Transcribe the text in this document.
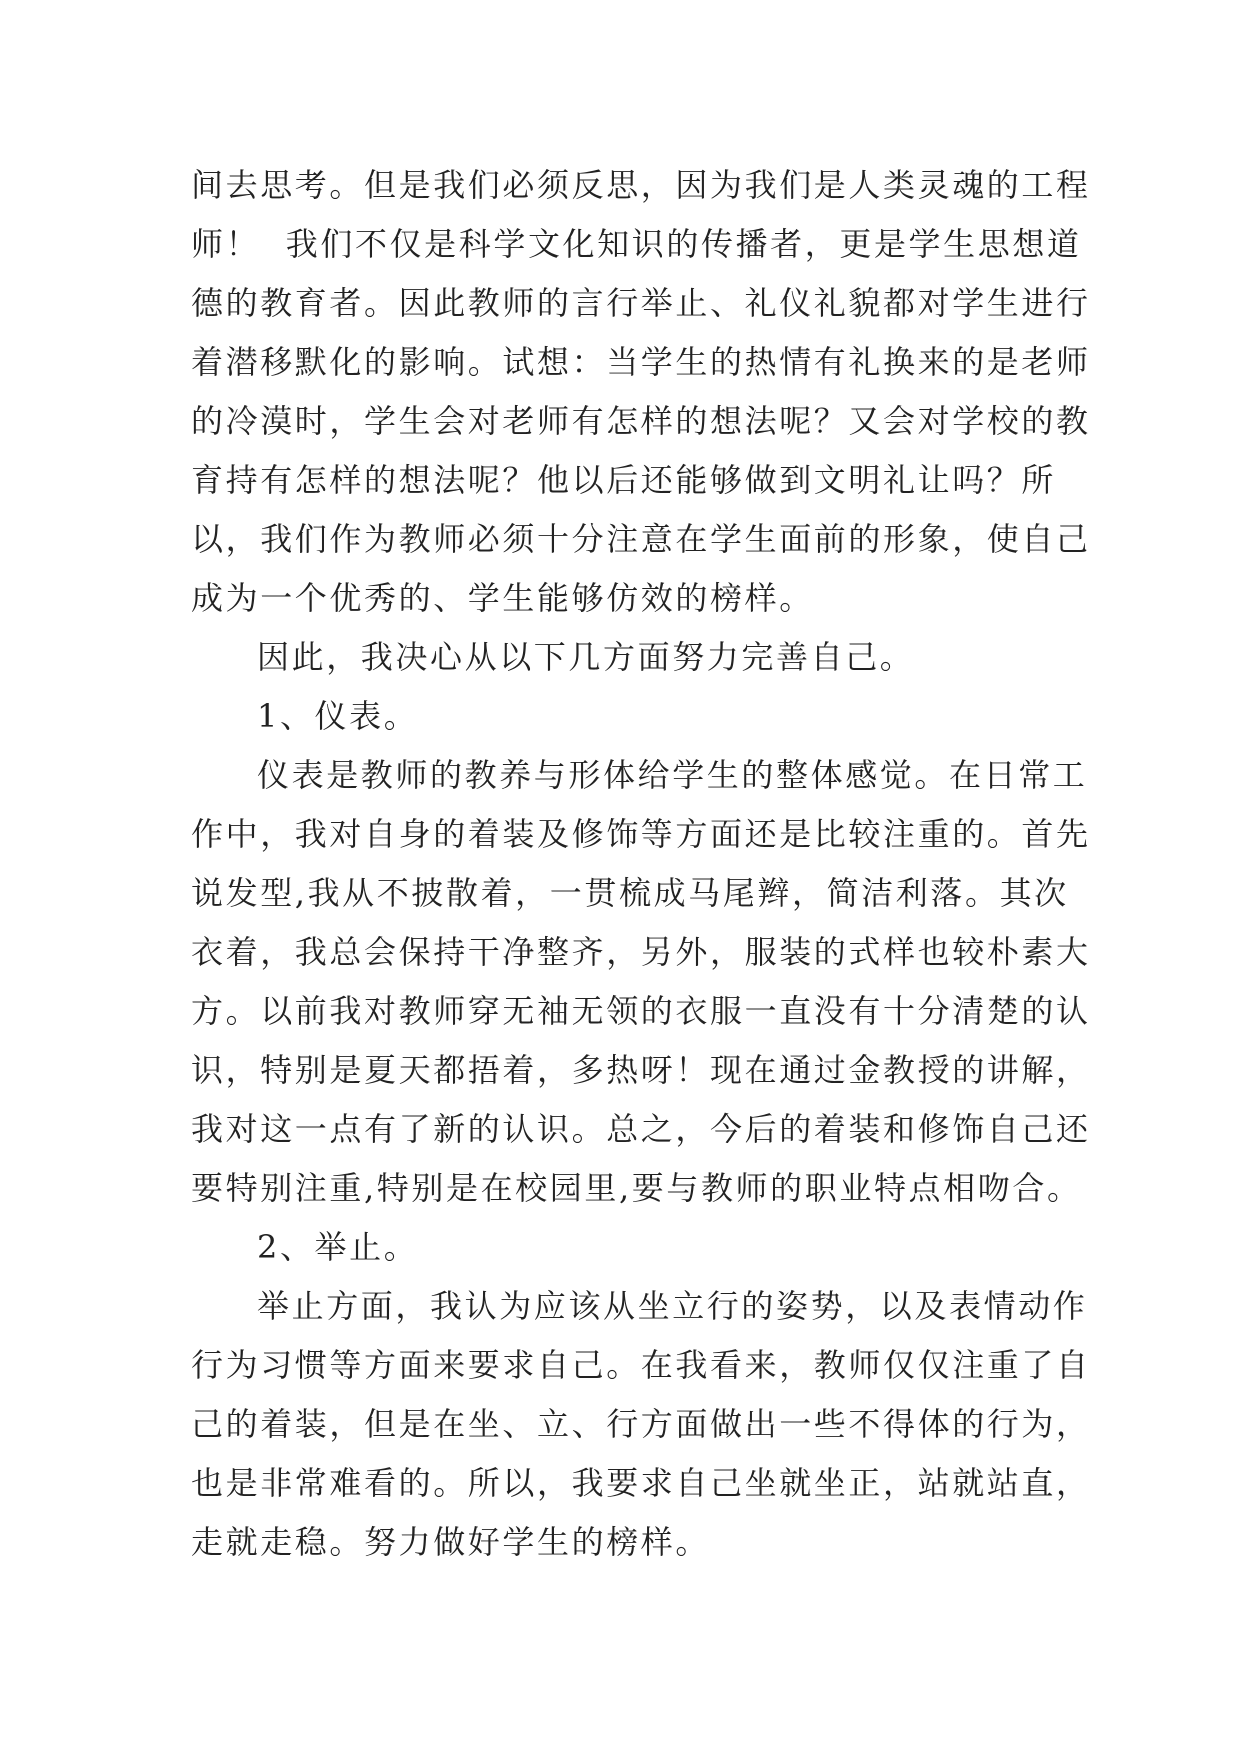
间去思考。但是我们必须反思，因为我们是人类灵魂的工程
师！  我们不仅是科学文化知识的传播者，更是学生思想道
德的教育者。因此教师的言行举止、礼仪礼貌都对学生进行
着潜移默化的影响。试想：当学生的热情有礼换来的是老师
的冷漠时，学生会对老师有怎样的想法呢？又会对学校的教
育持有怎样的想法呢？他以后还能够做到文明礼让吗？所
以，我们作为教师必须十分注意在学生面前的形象，使自己
成为一个优秀的、学生能够仿效的榜样。
因此，我决心从以下几方面努力完善自己。
1、仪表。
仪表是教师的教养与形体给学生的整体感觉。在日常工
作中，我对自身的着装及修饰等方面还是比较注重的。首先
说发型,我从不披散着，一贯梳成马尾辫，简洁利落。其次
衣着，我总会保持干净整齐，另外，服装的式样也较朴素大
方。以前我对教师穿无袖无领的衣服一直没有十分清楚的认
识，特别是夏天都捂着，多热呀！现在通过金教授的讲解，
我对这一点有了新的认识。总之，今后的着装和修饰自己还
要特别注重,特别是在校园里,要与教师的职业特点相吻合。
2、举止。
举止方面，我认为应该从坐立行的姿势，以及表情动作
行为习惯等方面来要求自己。在我看来，教师仅仅注重了自
己的着装，但是在坐、立、行方面做出一些不得体的行为，
也是非常难看的。所以，我要求自己坐就坐正，站就站直，
走就走稳。努力做好学生的榜样。
